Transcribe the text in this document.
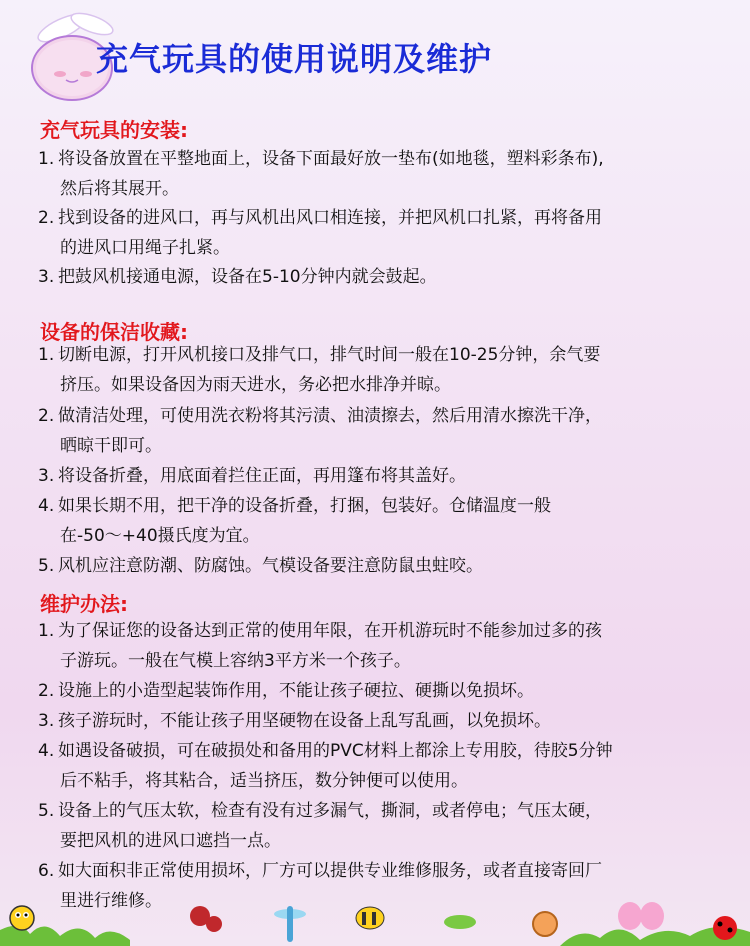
充气玩具的使用说明及维护
充气玩具的安装:
1. 将设备放置在平整地面上，设备下面最好放一垫布(如地毯，塑料彩条布),
然后将其展开。
2. 找到设备的进风口，再与风机出风口相连接，并把风机口扎紧，再将备用
的进风口用绳子扎紧。
3. 把鼓风机接通电源，设备在5-10分钟内就会鼓起。
设备的保洁收藏:
1. 切断电源，打开风机接口及排气口，排气时间一般在10-25分钟，余气要
挤压。如果设备因为雨天进水，务必把水排净并晾。
2. 做清洁处理，可使用洗衣粉将其污渍、油渍擦去，然后用清水擦洗干净，
晒晾干即可。
3. 将设备折叠，用底面着拦住正面，再用篷布将其盖好。
4. 如果长期不用，把干净的设备折叠，打捆，包装好。仓储温度一般
在-50～+40摄氏度为宜。
5. 风机应注意防潮、防腐蚀。气模设备要注意防鼠虫蛀咬。
维护办法:
1. 为了保证您的设备达到正常的使用年限，在开机游玩时不能参加过多的孩
子游玩。一般在气模上容纳3平方米一个孩子。
2. 设施上的小造型起装饰作用，不能让孩子硬拉、硬撕以免损坏。
3. 孩子游玩时，不能让孩子用坚硬物在设备上乱写乱画，以免损坏。
4. 如遇设备破损，可在破损处和备用的PVC材料上都涂上专用胶，待胶5分钟
后不粘手，将其粘合，适当挤压，数分钟便可以使用。
5. 设备上的气压太软，检查有没有过多漏气，撕洞，或者停电；气压太硬，
要把风机的进风口遮挡一点。
6. 如大面积非正常使用损坏，厂方可以提供专业维修服务，或者直接寄回厂
里进行维修。
